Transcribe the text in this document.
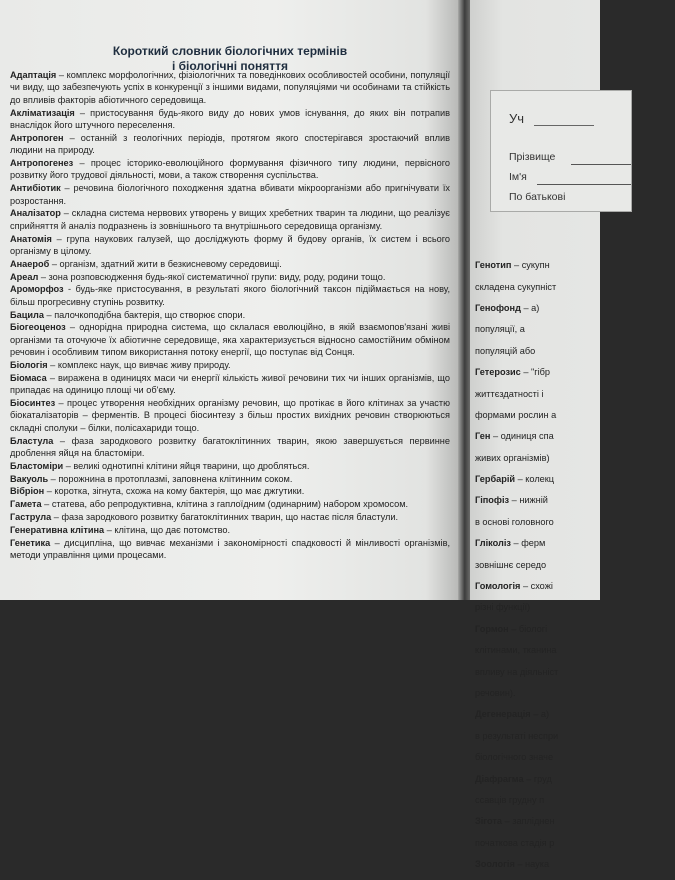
Короткий словник біологічних термінів
і біологічні поняття

Адаптація – комплекс морфологічних, фізіологічних та поведінкових особливостей особини, популяції чи виду, що забезпечують успіх в конкуренції з іншими видами, популяціями чи особинами та стійкість до впливів факторів абіотичного середовища.

Акліматизація – пристосування будь-якого виду до нових умов існування, до яких він потрапив внаслідок його штучного переселення.

Антропоген – останній з геологічних періодів, протягом якого спостерігався зростаючий вплив людини на природу.

Антропогенез – процес історико-еволюційного формування фізичного типу людини, первісного розвитку його трудової діяльності, мови, а також створення суспільства.

Антибіотик – речовина біологічного походження здатна вбивати мікроорганізми або пригнічувати їх розростання.

Аналізатор – складна система нервових утворень у вищих хребетних тварин та людини, що реалізує сприйняття й аналіз подразнень із зовнішнього та внутрішнього середовища організму.

Анатомія – група наукових галузей, що досліджують форму й будову органів, їх систем і всього організму в цілому.

Анаероб – організм, здатний жити в безкисневому середовищі.

Ареал – зона розповсюдження будь-якої систематичної групи: виду, роду, родини тощо.

Ароморфоз - будь-яке пристосування, в результаті якого біологічний таксон підіймається на нову, більш прогресивну ступінь розвитку.

Бацила – палочкоподібна бактерія, що створює спори.

Біогеоценоз – однорідна природна система, що склалася еволюційно, в якій взаємопов'язані живі організми та оточуюче їх абіотичне середовище, яка характеризується відносно самостійним обміном речовин і особливим типом використання потоку енергії, що поступає від Сонця.

Біологія – комплекс наук, що вивчає живу природу.

Біомаса – виражена в одиницях маси чи енергії кількість живої речовини тих чи інших організмів, що припадає на одиницю площі чи об'єму.

Біосинтез – процес утворення необхідних організму речовин, що протікає в його клітинах за участю біокаталізаторів – ферментів. В процесі біосинтезу з більш простих вихідних речовин створюються складні сполуки – білки, полісахариди тощо.

Бластула – фаза зародкового розвитку багатоклітинних тварин, якою завершується первинне дроблення яйця на бластоміри.

Бластоміри – великі однотипні клітини яйця тварини, що дробляться.

Вакуоль – порожнина в протоплазмі, заповнена клітинним соком.

Вібріон – коротка, зігнута, схожа на кому бактерія, що має джгутики.

Гамета – статева, або репродуктивна, клітина з гаплоїдним (одинарним) набором хромосом.

Гаструла – фаза зародкового розвитку багатоклітинних тварин, що настає після бластули.

Генеративна клітина – клітина, що дає потомство.

Генетика – дисципліна, що вивчає механізми і закономірності спадковості й мінливості організмів, методи управління цими процесами.

Уч
Прізвище
Ім'я
По батькові

Генотип – сукупн

складена сукупніст

Генофонд – а)

популяції, а

популяцій або

Гетерозис – "гібр

життєздатності і

формами рослин а

Ген – одиниця спа

живих організмів)

Гербарій – колекц

Гіпофіз – нижній

в основі головного

Гліколіз – ферм

зовнішнє середо

Гомологія – схожі

різні функції)

Гормон – біологі

клітинами, тканина

впливу на діяльніст

речовин).

Дегенерація – а)

в результаті неспри

біологічного значе

Діафрагма – груд

ссавців грудну п

Зігота – запліднен

початкова стадія р

Зоологія – наука
